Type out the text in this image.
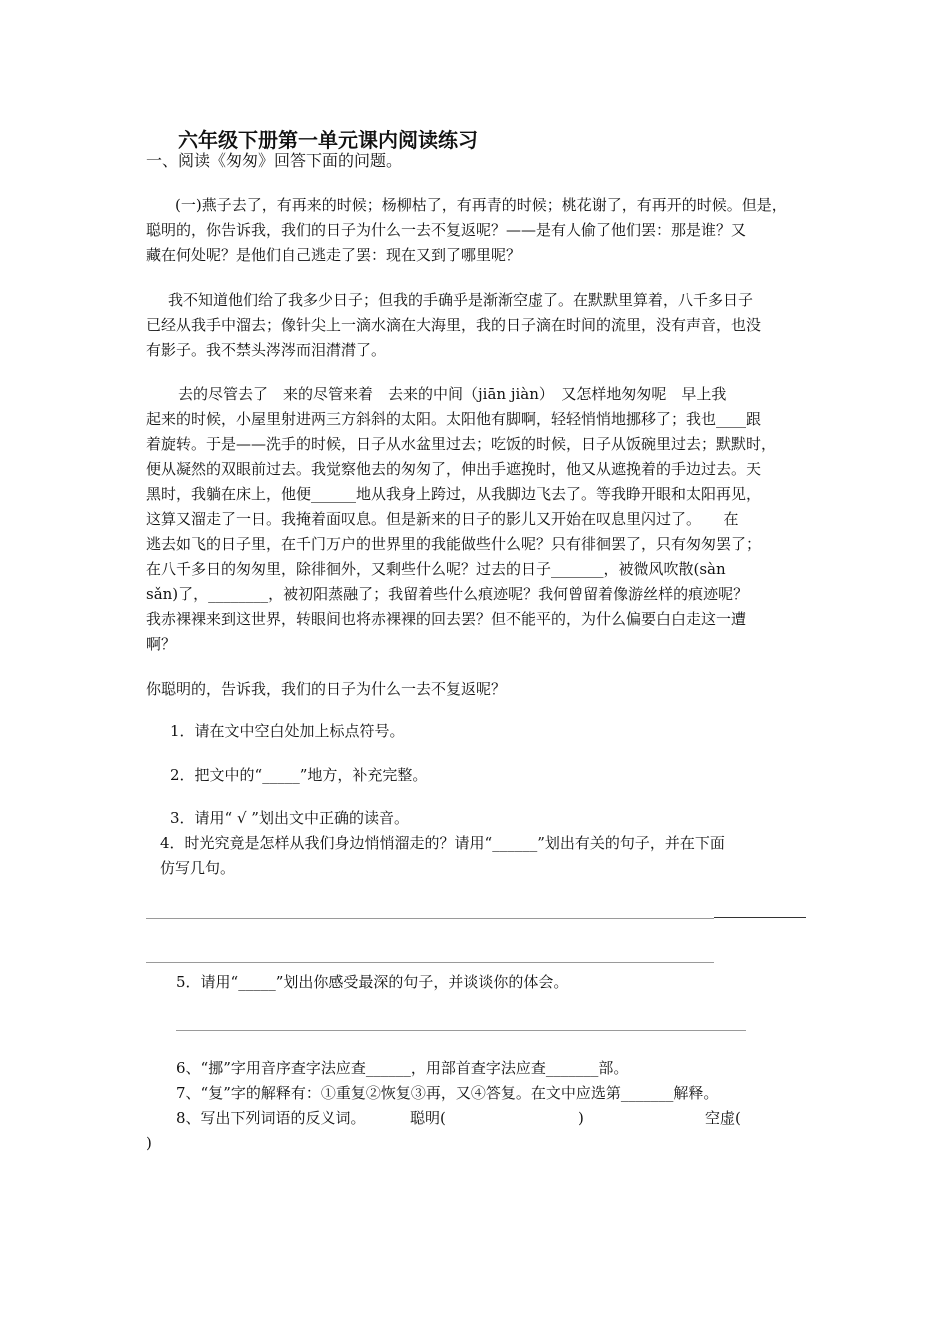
六年级下册第一单元课内阅读练习
一、阅读《匆匆》回答下面的问题。
(一)燕子去了，有再来的时候；杨柳枯了，有再青的时候；桃花谢了，有再开的时候。但是，
聪明的，你告诉我，我们的日子为什么一去不复返呢？——是有人偷了他们罢：那是谁？又
藏在何处呢？是他们自己逃走了罢：现在又到了哪里呢？
我不知道他们给了我多少日子；但我的手确乎是渐渐空虚了。在默默里算着，八千多日子
已经从我手中溜去；像针尖上一滴水滴在大海里，我的日子滴在时间的流里，没有声音，也没
有影子。我不禁头涔涔而泪潸潸了。
去的尽管去了　来的尽管来着　去来的中间（jiān jiàn）　又怎样地匆匆呢　早上我
起来的时候，小屋里射进两三方斜斜的太阳。太阳他有脚啊，轻轻悄悄地挪移了；我也____跟
着旋转。于是——洗手的时候，日子从水盆里过去；吃饭的时候，日子从饭碗里过去；默默时，
便从凝然的双眼前过去。我觉察他去的匆匆了，伸出手遮挽时，他又从遮挽着的手边过去。天
黑时，我躺在床上，他便______地从我身上跨过，从我脚边飞去了。等我睁开眼和太阳再见，
这算又溜走了一日。我掩着面叹息。但是新来的日子的影儿又开始在叹息里闪过了。　　在
逃去如飞的日子里，在千门万户的世界里的我能做些什么呢？只有徘徊罢了，只有匆匆罢了；
在八千多日的匆匆里，除徘徊外，又剩些什么呢？过去的日子_______，被微风吹散(sàn
sǎn)了，________，被初阳蒸融了；我留着些什么痕迹呢？我何曾留着像游丝样的痕迹呢？
我赤裸裸来到这世界，转眼间也将赤裸裸的回去罢？但不能平的，为什么偏要白白走这一遭
啊？
你聪明的，告诉我，我们的日子为什么一去不复返呢？
1．请在文中空白处加上标点符号。
2．把文中的“_____”地方，补充完整。
3．请用“ √ ”划出文中正确的读音。
4．时光究竟是怎样从我们身边悄悄溜走的？请用“______”划出有关的句子，并在下面
仿写几句。
5．请用“_____”划出你感受最深的句子，并谈谈你的体会。
6、“挪”字用音序查字法应查______，用部首查字法应查_______部。
7、“复”字的解释有：①重复②恢复③再，又④答复。在文中应选第_______解释。
8、写出下列词语的反义词。	聪明(	)	空虚(
)
